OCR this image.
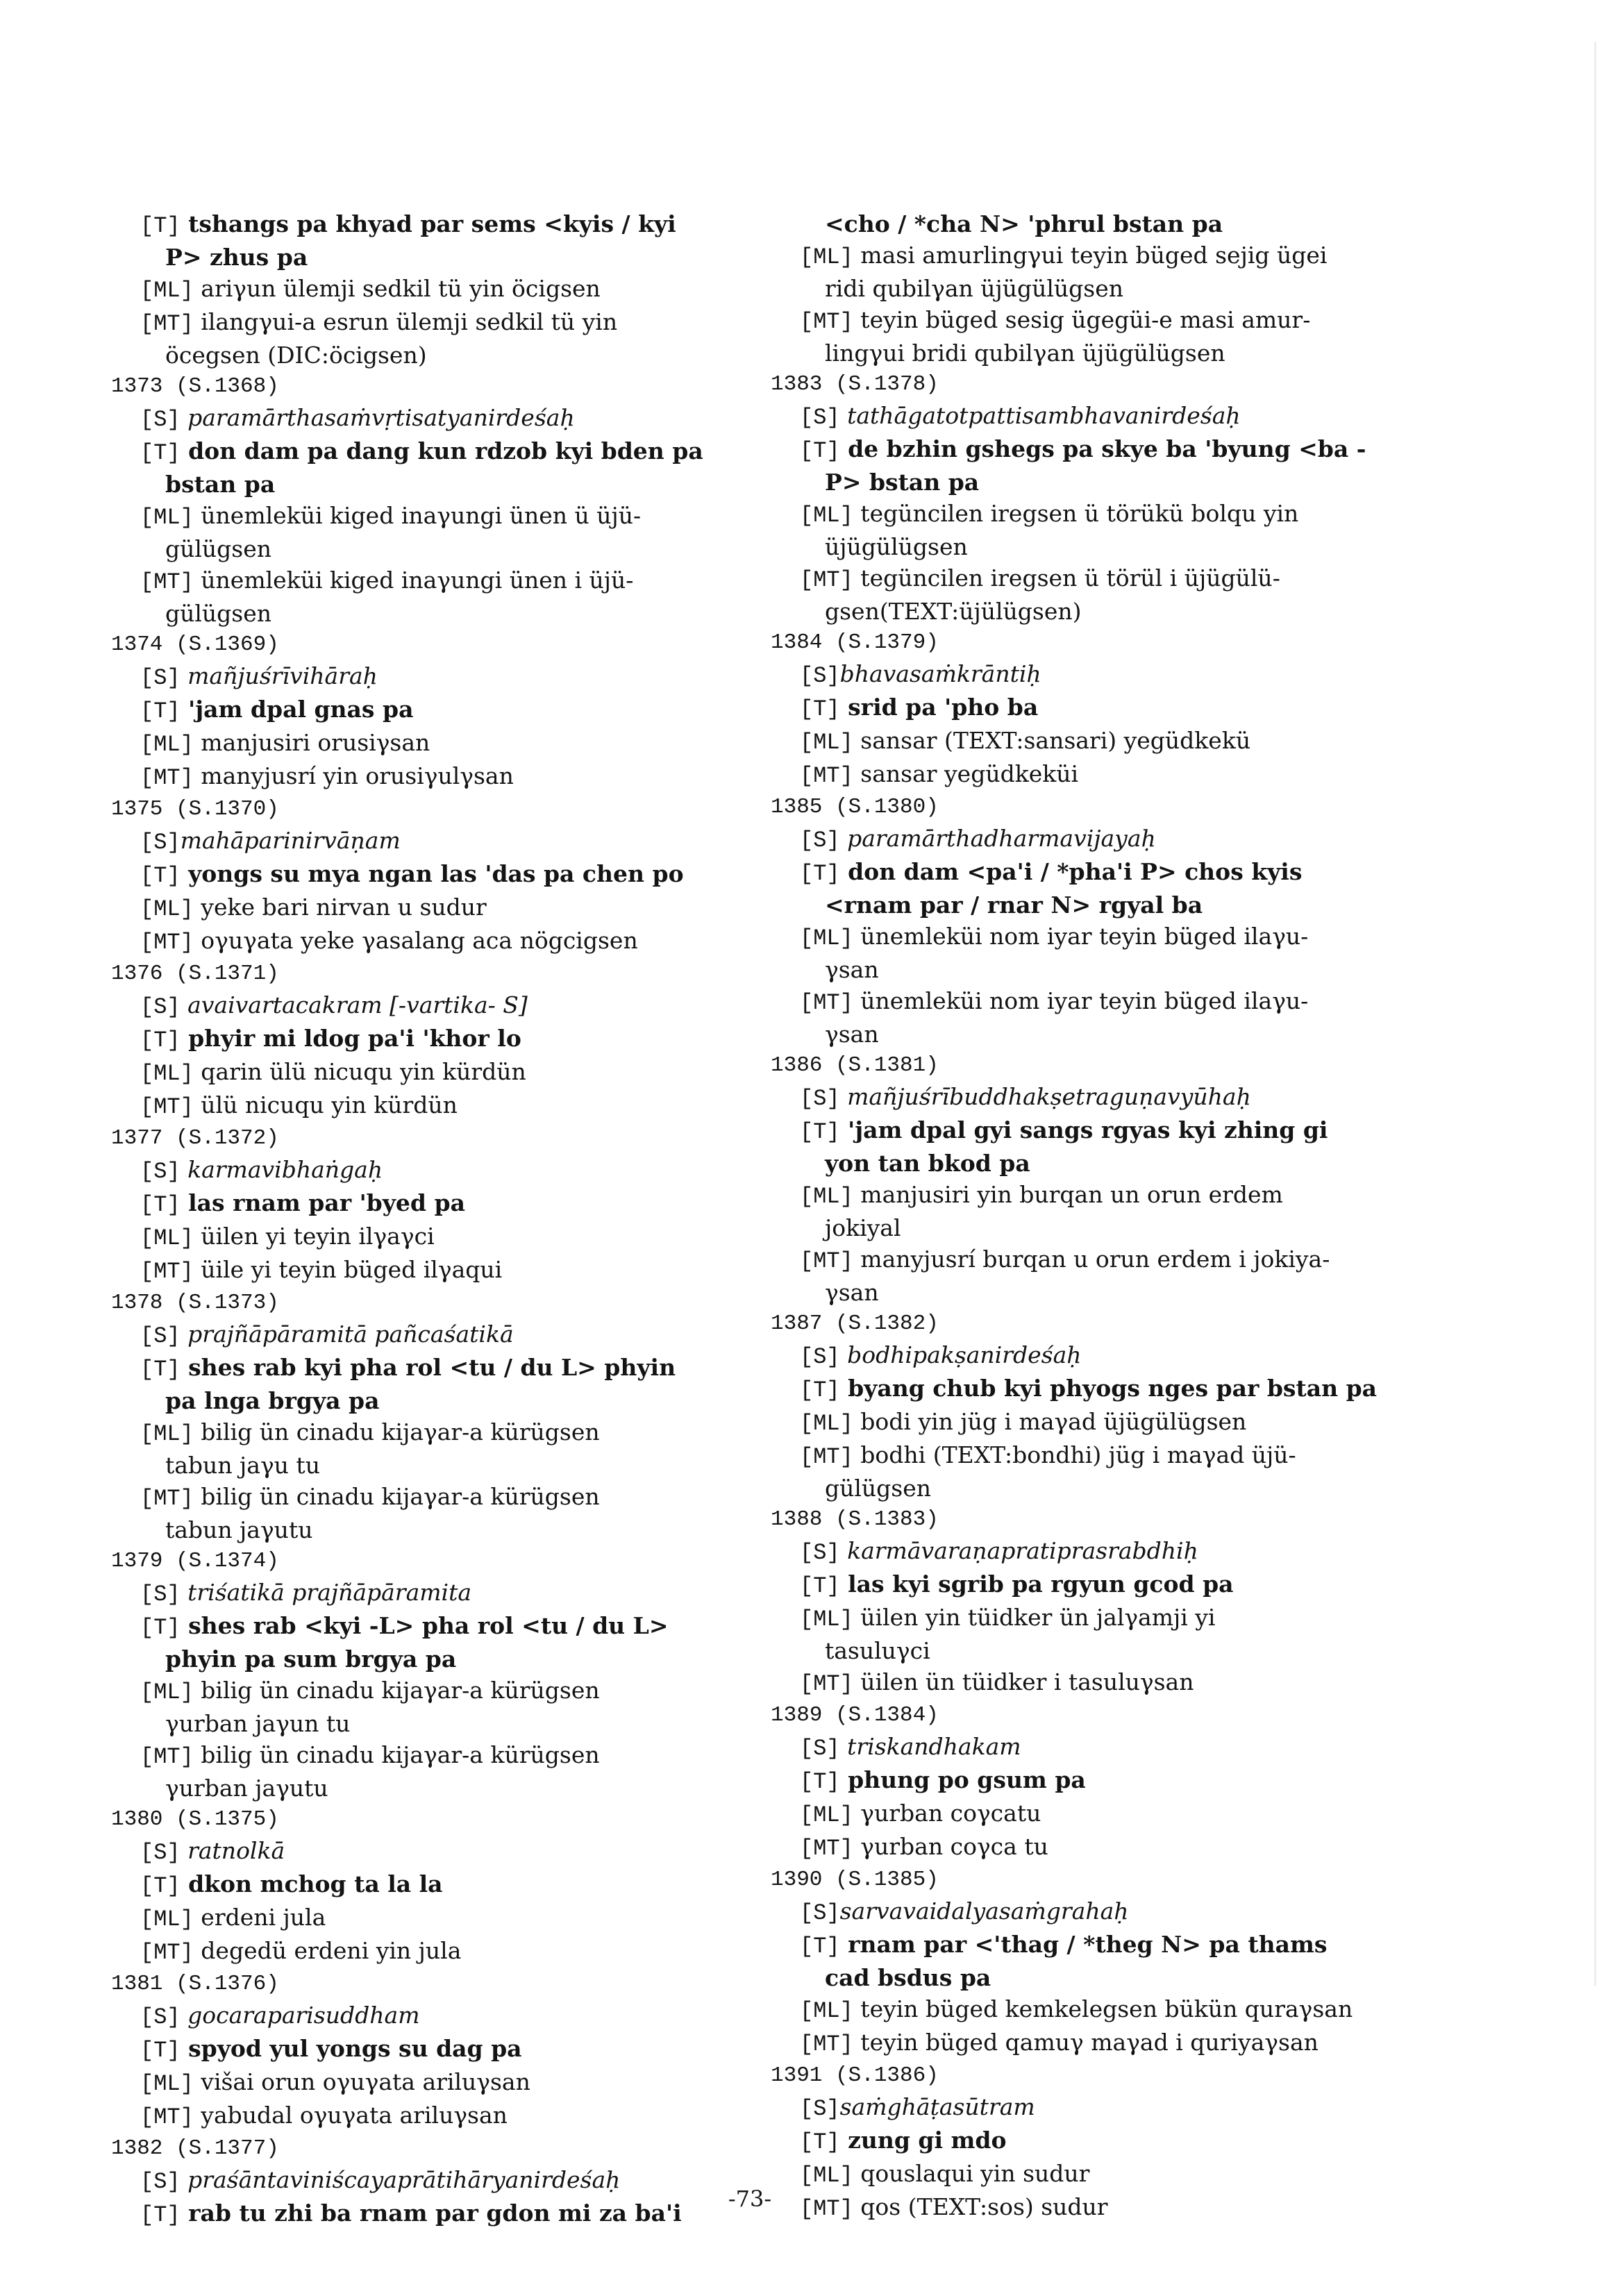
[T] tshangs pa khyad par sems <kyis / kyi
P> zhus pa
[ML] ariγun ülemji sedkil tü yin öcigsen
[MT] ilangγui-a esrun ülemji sedkil tü yin
öcegsen (DIC:öcigsen)
1373 (S.1368)
[S] paramārthasaṁvṛtisatyanirdeśaḥ
[T] don dam pa dang kun rdzob kyi bden pa
bstan pa
[ML] ünemleküi kiged inaγungi ünen ü üjü-
gülügsen
[MT] ünemleküi kiged inaγungi ünen i üjü-
gülügsen
1374 (S.1369)
[S] mañjuśrīvihāraḥ
[T] 'jam dpal gnas pa
[ML] manjusiri orusiγsan
[MT] manyjusrí yin orusiγulγsan
1375 (S.1370)
[S]mahāparinirvāṇam
[T] yongs su mya ngan las 'das pa chen po
[ML] yeke bari nirvan u sudur
[MT] oγuγata yeke γasalang aca nögcigsen
1376 (S.1371)
[S] avaivartacakram [-vartika- S]
[T] phyir mi ldog pa'i 'khor lo
[ML] qarin ülü nicuqu yin kürdün
[MT] ülü nicuqu yin kürdün
1377 (S.1372)
[S] karmavibhaṅgaḥ
[T] las rnam par 'byed pa
[ML] üilen yi teyin ilγaγci
[MT] üile yi teyin büged ilγaqui
1378 (S.1373)
[S] prajñāpāramitā pañcaśatikā
[T] shes rab kyi pha rol <tu / du L> phyin
pa lnga brgya pa
[ML] bilig ün cinadu kijaγar-a kürügsen
tabun jaγu tu
[MT] bilig ün cinadu kijaγar-a kürügsen
tabun jaγutu
1379 (S.1374)
[S] triśatikā prajñāpāramita
[T] shes rab <kyi -L> pha rol <tu / du L>
phyin pa sum brgya pa
[ML] bilig ün cinadu kijaγar-a kürügsen
γurban jaγun tu
[MT] bilig ün cinadu kijaγar-a kürügsen
γurban jaγutu
1380 (S.1375)
[S] ratnolkā
[T] dkon mchog ta la la
[ML] erdeni jula
[MT] degedü erdeni yin jula
1381 (S.1376)
[S] gocaraparisuddham
[T] spyod yul yongs su dag pa
[ML] višai orun oγuγata ariluγsan
[MT] yabudal oγuγata ariluγsan
1382 (S.1377)
[S] praśāntaviniścayaprātihāryanirdeśaḥ
[T] rab tu zhi ba rnam par gdon mi za ba'i
<cho / *cha N> 'phrul bstan pa
[ML] masi amurlingγui teyin büged sejig ügei
ridi qubilγan üjügülügsen
[MT] teyin büged sesig ügegüi-e masi amur-
lingγui bridi qubilγan üjügülügsen
1383 (S.1378)
[S] tathāgatotpattisambhavanirdeśaḥ
[T] de bzhin gshegs pa skye ba 'byung <ba -
P> bstan pa
[ML] tegüncilen iregsen ü törükü bolqu yin
üjügülügsen
[MT] tegüncilen iregsen ü törül i üjügülü-
gsen(TEXT:üjülügsen)
1384 (S.1379)
[S]bhavasaṁkrāntiḥ
[T] srid pa 'pho ba
[ML] sansar (TEXT:sansari) yegüdkekü
[MT] sansar yegüdkeküi
1385 (S.1380)
[S] paramārthadharmavijayaḥ
[T] don dam <pa'i / *pha'i P> chos kyis
<rnam par / rnar N> rgyal ba
[ML] ünemleküi nom iyar teyin büged ilaγu-
γsan
[MT] ünemleküi nom iyar teyin büged ilaγu-
γsan
1386 (S.1381)
[S] mañjuśrībuddhakṣetraguṇavyūhaḥ
[T] 'jam dpal gyi sangs rgyas kyi zhing gi
yon tan bkod pa
[ML] manjusiri yin burqan un orun erdem
jokiyal
[MT] manyjusrí burqan u orun erdem i jokiya-
γsan
1387 (S.1382)
[S] bodhipakṣanirdeśaḥ
[T] byang chub kyi phyogs nges par bstan pa
[ML] bodi yin jüg i maγad üjügülügsen
[MT] bodhi (TEXT:bondhi) jüg i maγad üjü-
gülügsen
1388 (S.1383)
[S] karmāvaraṇapratiprasrabdhiḥ
[T] las kyi sgrib pa rgyun gcod pa
[ML] üilen yin tüidker ün jalγamji yi
tasuluγci
[MT] üilen ün tüidker i tasuluγsan
1389 (S.1384)
[S] triskandhakam
[T] phung po gsum pa
[ML] γurban coγcatu
[MT] γurban coγca tu
1390 (S.1385)
[S]sarvavaidalyasaṁgrahaḥ
[T] rnam par <'thag / *theg N> pa thams
cad bsdus pa
[ML] teyin büged kemkelegsen bükün quraγsan
[MT] teyin büged qamuγ maγad i quriyaγsan
1391 (S.1386)
[S]saṁghāṭasūtram
[T] zung gi mdo
[ML] qouslaqui yin sudur
[MT] qos (TEXT:sos) sudur
-73-
